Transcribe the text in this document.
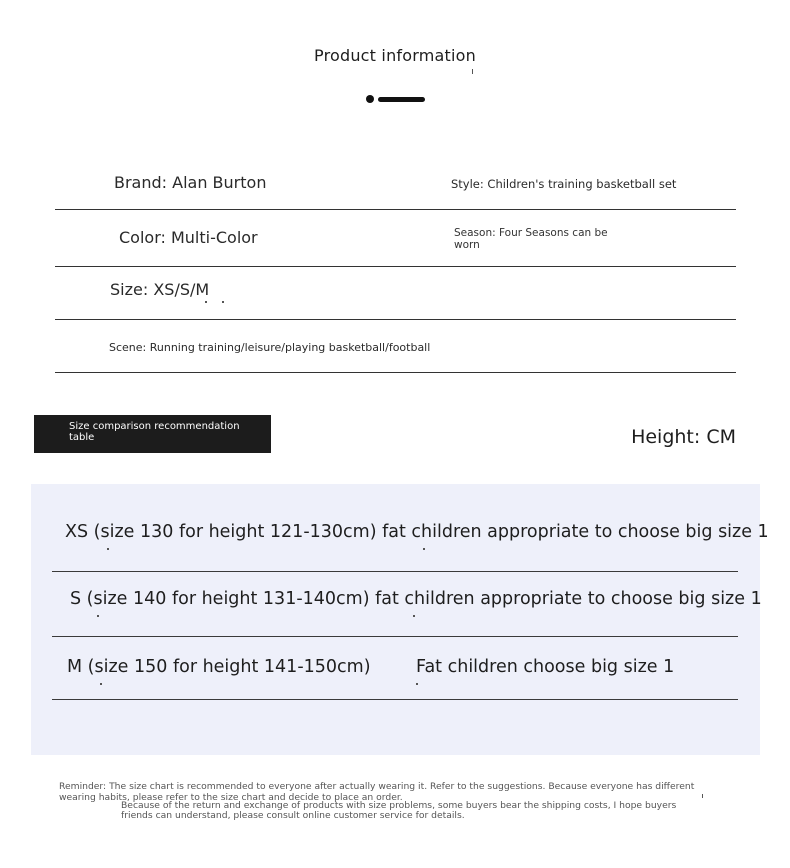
Product information
Brand: Alan Burton	Style: Children's training basketball set
Color: Multi-Color	Season: Four Seasons can be
worn
Size: XS/S/M
Scene: Running training/leisure/playing basketball/football
Size comparison recommendation
table	Height: CM
XS (size 130 for height 121-130cm) fat children appropriate to choose big size 1
S (size 140 for height 131-140cm) fat children appropriate to choose big size 1
M (size 150 for height 141-150cm)	Fat children choose big size 1
Reminder: The size chart is recommended to everyone after actually wearing it. Refer to the suggestions. Because everyone has different
wearing habits, please refer to the size chart and decide to place an order.
Because of the return and exchange of products with size problems, some buyers bear the shipping costs, I hope buyers
friends can understand, please consult online customer service for details.
